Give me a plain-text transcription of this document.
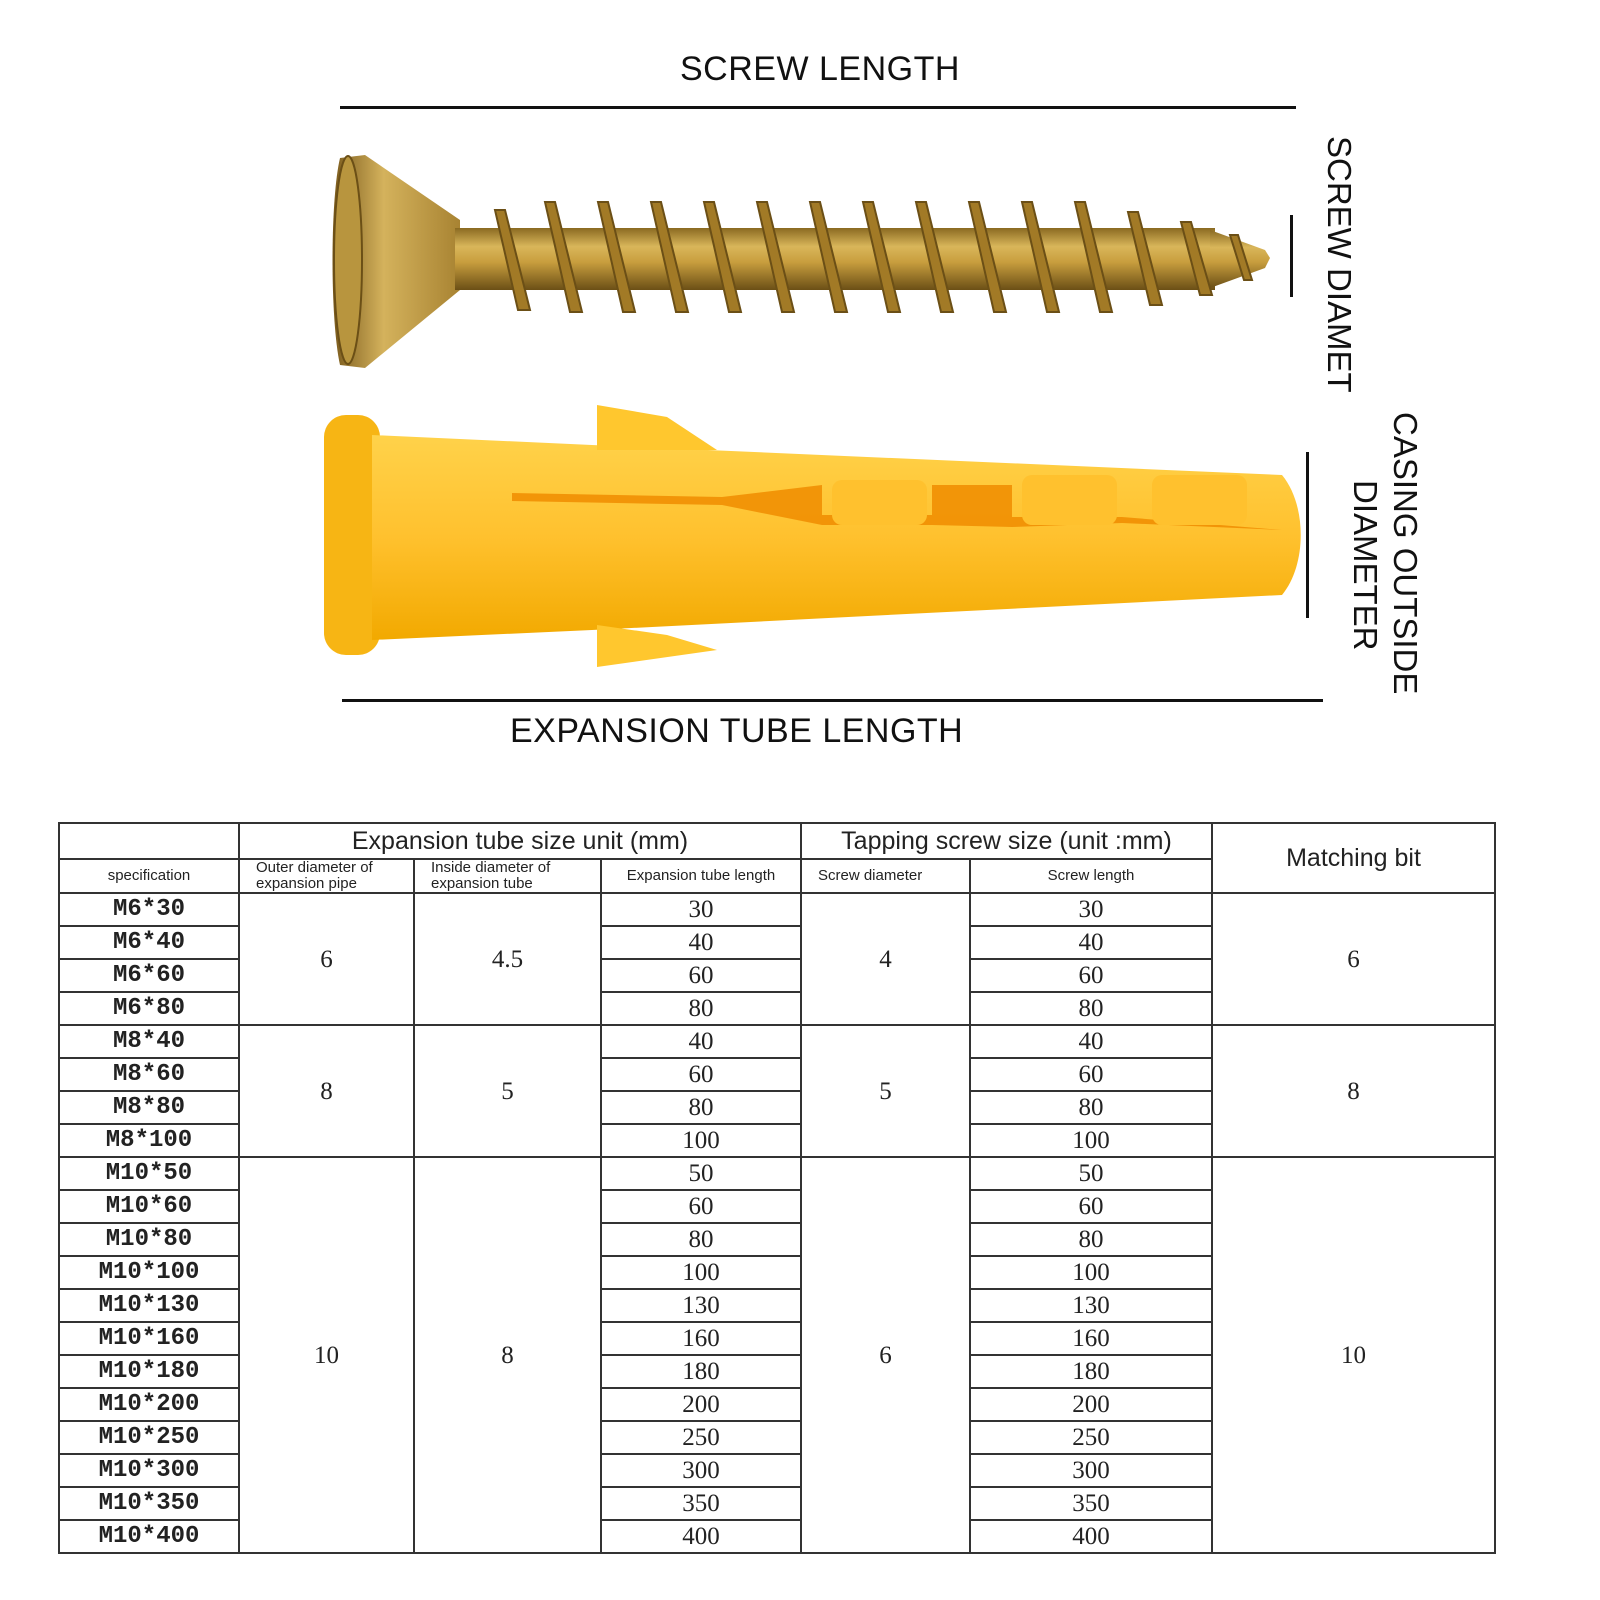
SCREW LENGTH
SCREW DIAMET
CASING OUTSIDE
DIAMETER
EXPANSION TUBE LENGTH
	Expansion tube size unit (mm)			Tapping screw size (unit :mm)		Matching bit
specification	Outer diameter of expansion pipe	Inside diameter of expansion tube	Expansion tube length	Screw diameter	Screw length	
M6*30	6	4.5	30	4	30	6
M6*40			40		40	
M6*60			60		60	
M6*80			80		80	
M8*40	8	5	40	5	40	8
M8*60			60		60	
M8*80			80		80	
M8*100			100		100	
M10*50	10	8	50	6	50	10
M10*60			60		60	
M10*80			80		80	
M10*100			100		100	
M10*130			130		130	
M10*160			160		160	
M10*180			180		180	
M10*200			200		200	
M10*250			250		250	
M10*300			300		300	
M10*350			350		350	
M10*400			400		400	
